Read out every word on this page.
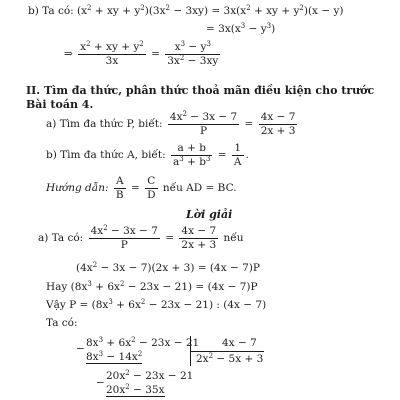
b) Ta có: ($x^2$ + xy + $y^2)(3x^2 - 3xy) = 3x(x^2$ + xy + $y^2)(x - y)$
= $3x(x^3 - y^3)$
⇒ $\frac{x^2 + xy + y^2}{3x} = \frac{x^3 - y^3}{3x^2 - 3xy}$
II. Tìm đa thức, phân thức thoả mãn điều kiện cho trước
Bài toán 4.
a) Tìm đa thức P, biết: $\frac{4x^2 - 3x - 7}{P} = \frac{4x - 7}{2x + 3}$
b) Tìm đa thức A, biết: $\frac{a + b}{a^3 + b^3} = \frac{1}{A}$ .
Hướng dẫn: $\frac{A}{B} = \frac{C}{D}$ nếu AD = BC.
Lời giải
a) Ta có: $\frac{4x^2 - 3x - 7}{P} = \frac{4x - 7}{2x + 3}$ nếu
$(4x^2 - 3x - 7)(2x + 3) = (4x - 7)P$
Hay $(8x^3 + 6x^2 - 23x - 21) = (4x - 7)P$
Vậy $P = (8x^3 + 6x^2 - 23x - 21)$ : (4x − 7)
Ta có:
− $8x^3 + 6x^2 - 23x - 21$
$8x^3 - 14x^2$
−
$20x^2 - 23x - 21$
$20x^2 - 35x$
4x − 7
$2x^2 - 5x + 3$
